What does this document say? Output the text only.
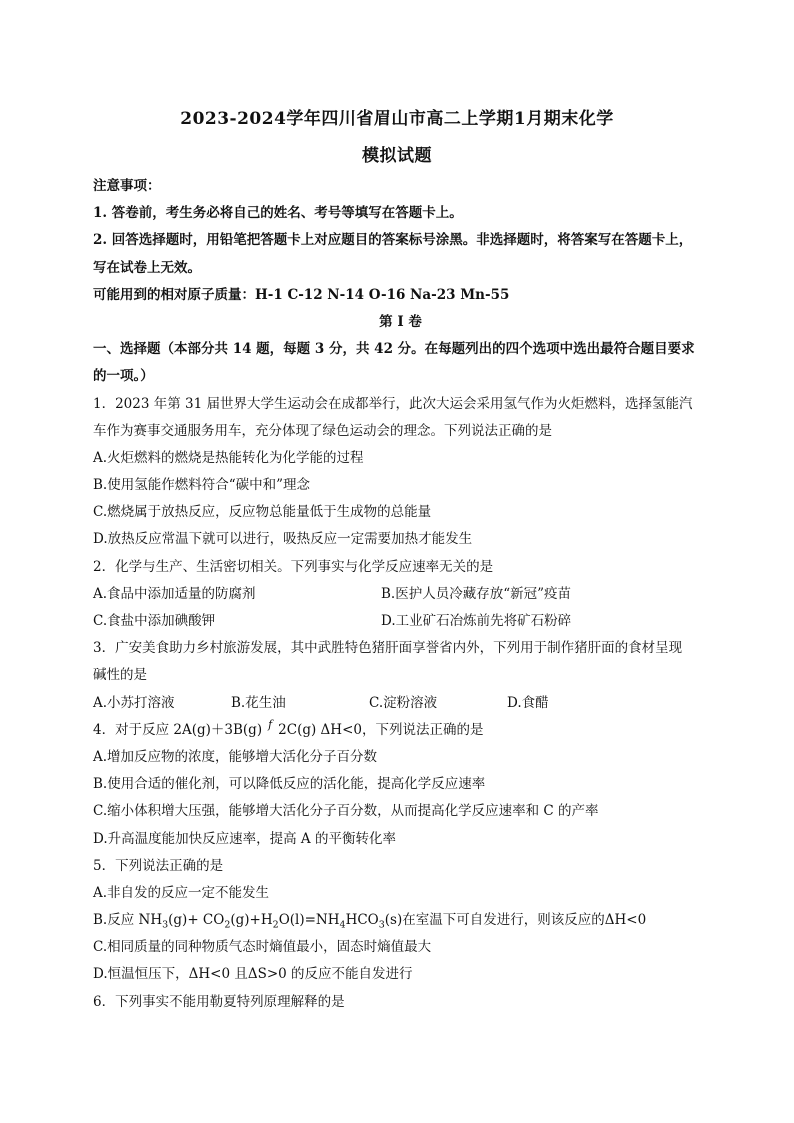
2023-2024学年四川省眉山市高二上学期1月期末化学
模拟试题
注意事项：
1. 答卷前，考生务必将自己的姓名、考号等填写在答题卡上。
2. 回答选择题时，用铅笔把答题卡上对应题目的答案标号涂黑。非选择题时，将答案写在答题卡上，
写在试卷上无效。
可能用到的相对原子质量：H-1 C-12 N-14 O-16 Na-23 Mn-55
第 I 卷
一、选择题（本部分共 14 题，每题 3 分，共 42 分。在每题列出的四个选项中选出最符合题目要求
的一项。）
1．2023 年第 31 届世界大学生运动会在成都举行，此次大运会采用氢气作为火炬燃料，选择氢能汽
车作为赛事交通服务用车，充分体现了绿色运动会的理念。下列说法正确的是
A.火炬燃料的燃烧是热能转化为化学能的过程
B.使用氢能作燃料符合“碳中和”理念
C.燃烧属于放热反应，反应物总能量低于生成物的总能量
D.放热反应常温下就可以进行，吸热反应一定需要加热才能发生
2．化学与生产、生活密切相关。下列事实与化学反应速率无关的是
A.食品中添加适量的防腐剂	B.医护人员冷藏存放“新冠”疫苗
C.食盐中添加碘酸钾	D.工业矿石冶炼前先将矿石粉碎
3．广安美食助力乡村旅游发展，其中武胜特色猪肝面享誉省内外，下列用于制作猪肝面的食材呈现
碱性的是
A.小苏打溶液	B.花生油	C.淀粉溶液	D.食醋
4．对于反应 2A(g)＋3B(g) $^f$ 2C(g) ΔH<0，下列说法正确的是
A.增加反应物的浓度，能够增大活化分子百分数
B.使用合适的催化剂，可以降低反应的活化能，提高化学反应速率
C.缩小体积增大压强，能够增大活化分子百分数，从而提高化学反应速率和 C 的产率
D.升高温度能加快反应速率，提高 A 的平衡转化率
5．下列说法正确的是
A.非自发的反应一定不能发生
B.反应 $NH_3(g)+ CO_2(g)+H_2O(l)=NH_4HCO_3(s)$在室温下可自发进行，则该反应的ΔH<0
C.相同质量的同种物质气态时熵值最小，固态时熵值最大
D.恒温恒压下，ΔH<0 且ΔS>0 的反应不能自发进行
6．下列事实不能用勒夏特列原理解释的是
